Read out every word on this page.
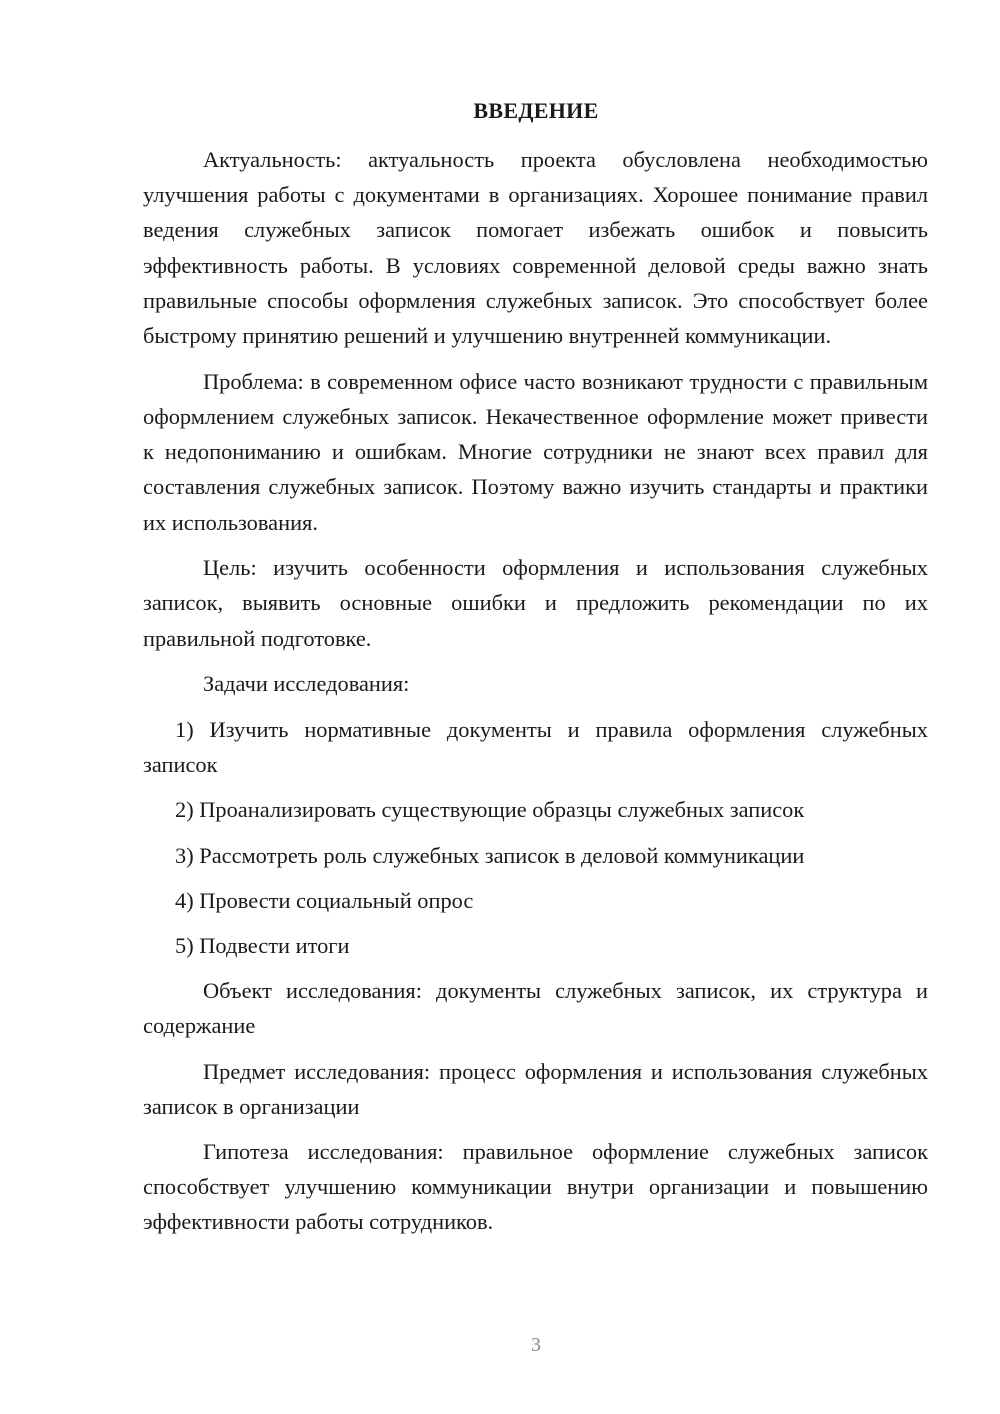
ВВЕДЕНИЕ

Актуальность: актуальность проекта обусловлена необходимостью улучшения работы с документами в организациях. Хорошее понимание правил ведения служебных записок помогает избежать ошибок и повысить эффективность работы. В условиях современной деловой среды важно знать правильные способы оформления служебных записок. Это способствует более быстрому принятию решений и улучшению внутренней коммуникации.

Проблема: в современном офисе часто возникают трудности с правильным оформлением служебных записок. Некачественное оформление может привести к недопониманию и ошибкам. Многие сотрудники не знают всех правил для составления служебных записок. Поэтому важно изучить стандарты и практики их использования.

Цель: изучить особенности оформления и использования служебных записок, выявить основные ошибки и предложить рекомендации по их правильной подготовке.

Задачи исследования:

1) Изучить нормативные документы и правила оформления служебных записок

2) Проанализировать существующие образцы служебных записок

3) Рассмотреть роль служебных записок в деловой коммуникации

4) Провести социальный опрос

5) Подвести итоги

Объект исследования: документы служебных записок, их структура и содержание

Предмет исследования: процесс оформления и использования служебных записок в организации

Гипотеза исследования: правильное оформление служебных записок способствует улучшению коммуникации внутри организации и повышению эффективности работы сотрудников.

3
